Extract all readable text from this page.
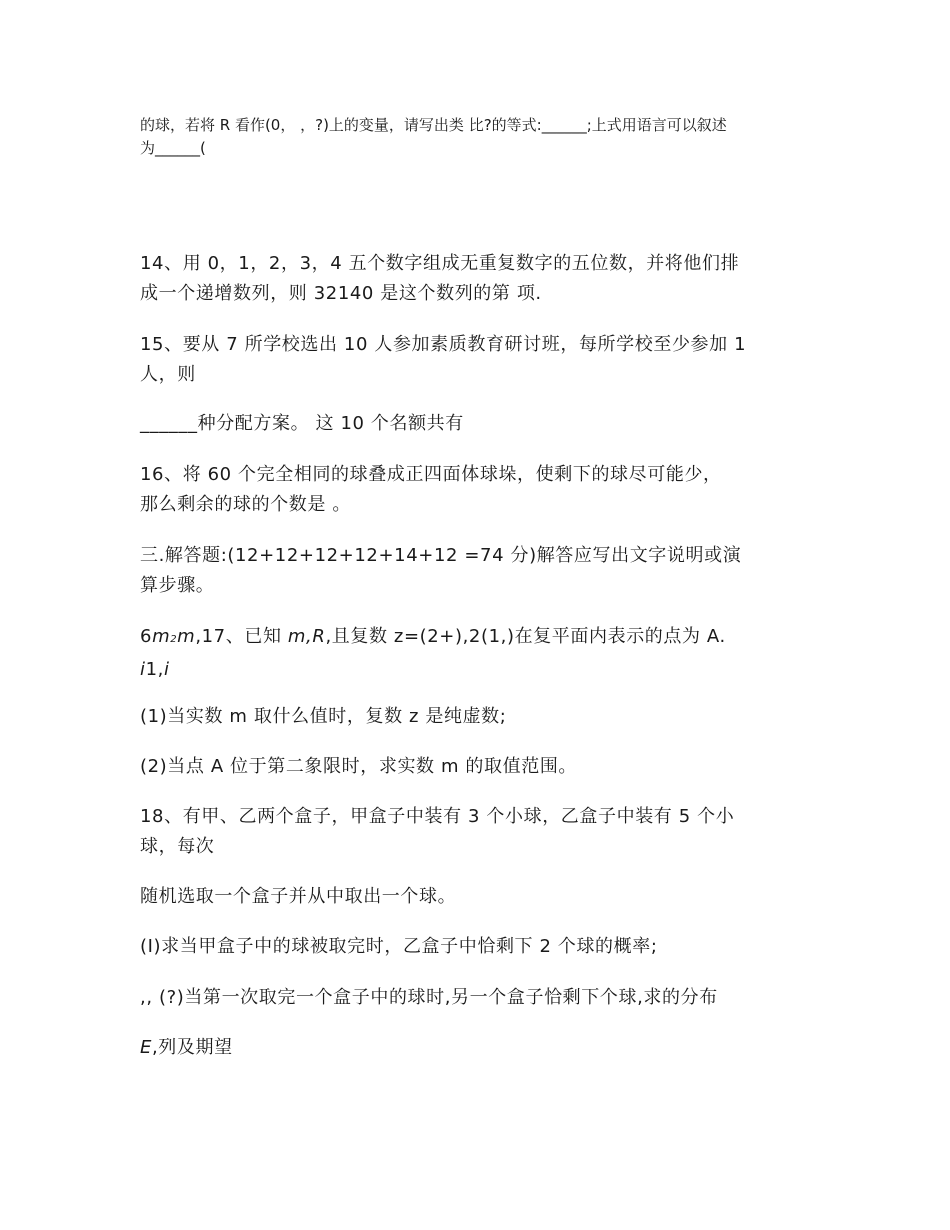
的球，若将 R 看作(0， ，?)上的变量，请写出类 比?的等式:______;上式用语言可以叙述
为______(
14、用 0，1，2，3，4 五个数字组成无重复数字的五位数，并将他们排
成一个递增数列，则 32140 是这个数列的第 项.
15、要从 7 所学校选出 10 人参加素质教育研讨班，每所学校至少参加 1
人，则
______种分配方案。 这 10 个名额共有
16、将 60 个完全相同的球叠成正四面体球垛，使剩下的球尽可能少，
那么剩余的球的个数是 。
三.解答题:(12+12+12+12+14+12 =74 分)解答应写出文字说明或演
算步骤。
6m2m,17、已知 m,R,且复数 z=(2+),2(1,)在复平面内表示的点为 A.
i1,i
(1)当实数 m 取什么值时，复数 z 是纯虚数;
(2)当点 A 位于第二象限时，求实数 m 的取值范围。
18、有甲、乙两个盒子，甲盒子中装有 3 个小球，乙盒子中装有 5 个小
球，每次
随机选取一个盒子并从中取出一个球。
(Ⅰ)求当甲盒子中的球被取完时，乙盒子中恰剩下 2 个球的概率;
,, (?)当第一次取完一个盒子中的球时,另一个盒子恰剩下个球,求的分布
E,列及期望
